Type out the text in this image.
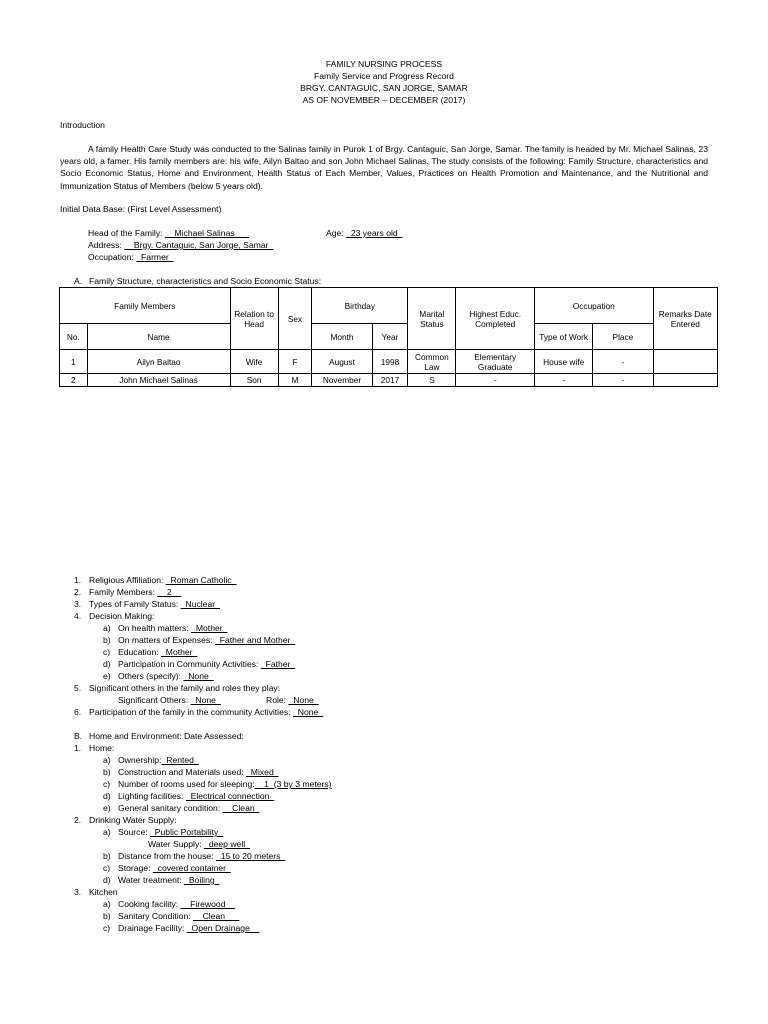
FAMILY NURSING PROCESS
Family Service and Progress Record
BRGY. CANTAGUIC, SAN JORGE, SAMAR
AS OF NOVEMBER – DECEMBER (2017)
Introduction
A family Health Care Study was conducted to the Salinas family in Purok 1 of Brgy. Cantaguic, San Jorge, Samar. The family is headed by Mr. Michael Salinas, 23 years old, a famer. His family members are: his wife, Ailyn Baltao and son John Michael Salinas. The study consists of the following: Family Structure, characteristics and Socio Economic Status, Home and Environment, Health Status of Each Member, Values, Practices on Health Promotion and Maintenance, and the Nutritional and Immunization Status of Members (below 5 years old).
Initial Data Base: (First Level Assessment)
Head of the Family: __Michael Salinas___	Age: _23 years old_
Address: __Brgy. Cantaguic, San Jorge, Samar_
Occupation: _Farmer_
A. Family Structure, characteristics and Socio Economic Status:
Family Members		Relation to Head	Sex	Birthday		Marital Status	Highest Educ. Completed	Occupation		Remarks Date Entered
No.	Name			Month	Year			Type of Work	Place	
1	Ailyn Baltao	Wife	F	August	1998	Common Law	Elementary Graduate	House wife	-	
2	John Michael Salinas	Son	M	November	2017	S	-	-	-	
1. Religious Affiliation: _Roman Catholic_
2. Family Members: __2__
3. Types of Family Status: _Nuclear_
4. Decision Making:
a) On health matters: _Mother_
b) On matters of Expenses: _Father and Mother_
c) Education: _Mother_
d) Participation in Community Activities: _Father_
e) Others (specify): _None_
5. Significant others in the family and roles they play:
Significant Others: _None_	Role: _None_
6. Participation of the family in the community Activities: _None_
B. Home and Environment: Date Assessed:
1. Home:
a) Ownership:_Rented_
b) Construction and Materials used: _Mixed_
c) Number of rooms used for sleeping:__1_(3 by 3 meters)
d) Lighting facilities: _Electrical connection_
e) General sanitary condition: __Clean_
2. Drinking Water Supply:
a) Source: _Public Portability_
Water Supply: _deep well_
b) Distance from the house: _15 to 20 meters_
c) Storage: _covered container_
d) Water treatment: _Boiling_
3. Kitchen
a) Cooking facility: __Firewood__
b) Sanitary Condition: __Clean___
c) Drainage Facility: _Open Drainage__
